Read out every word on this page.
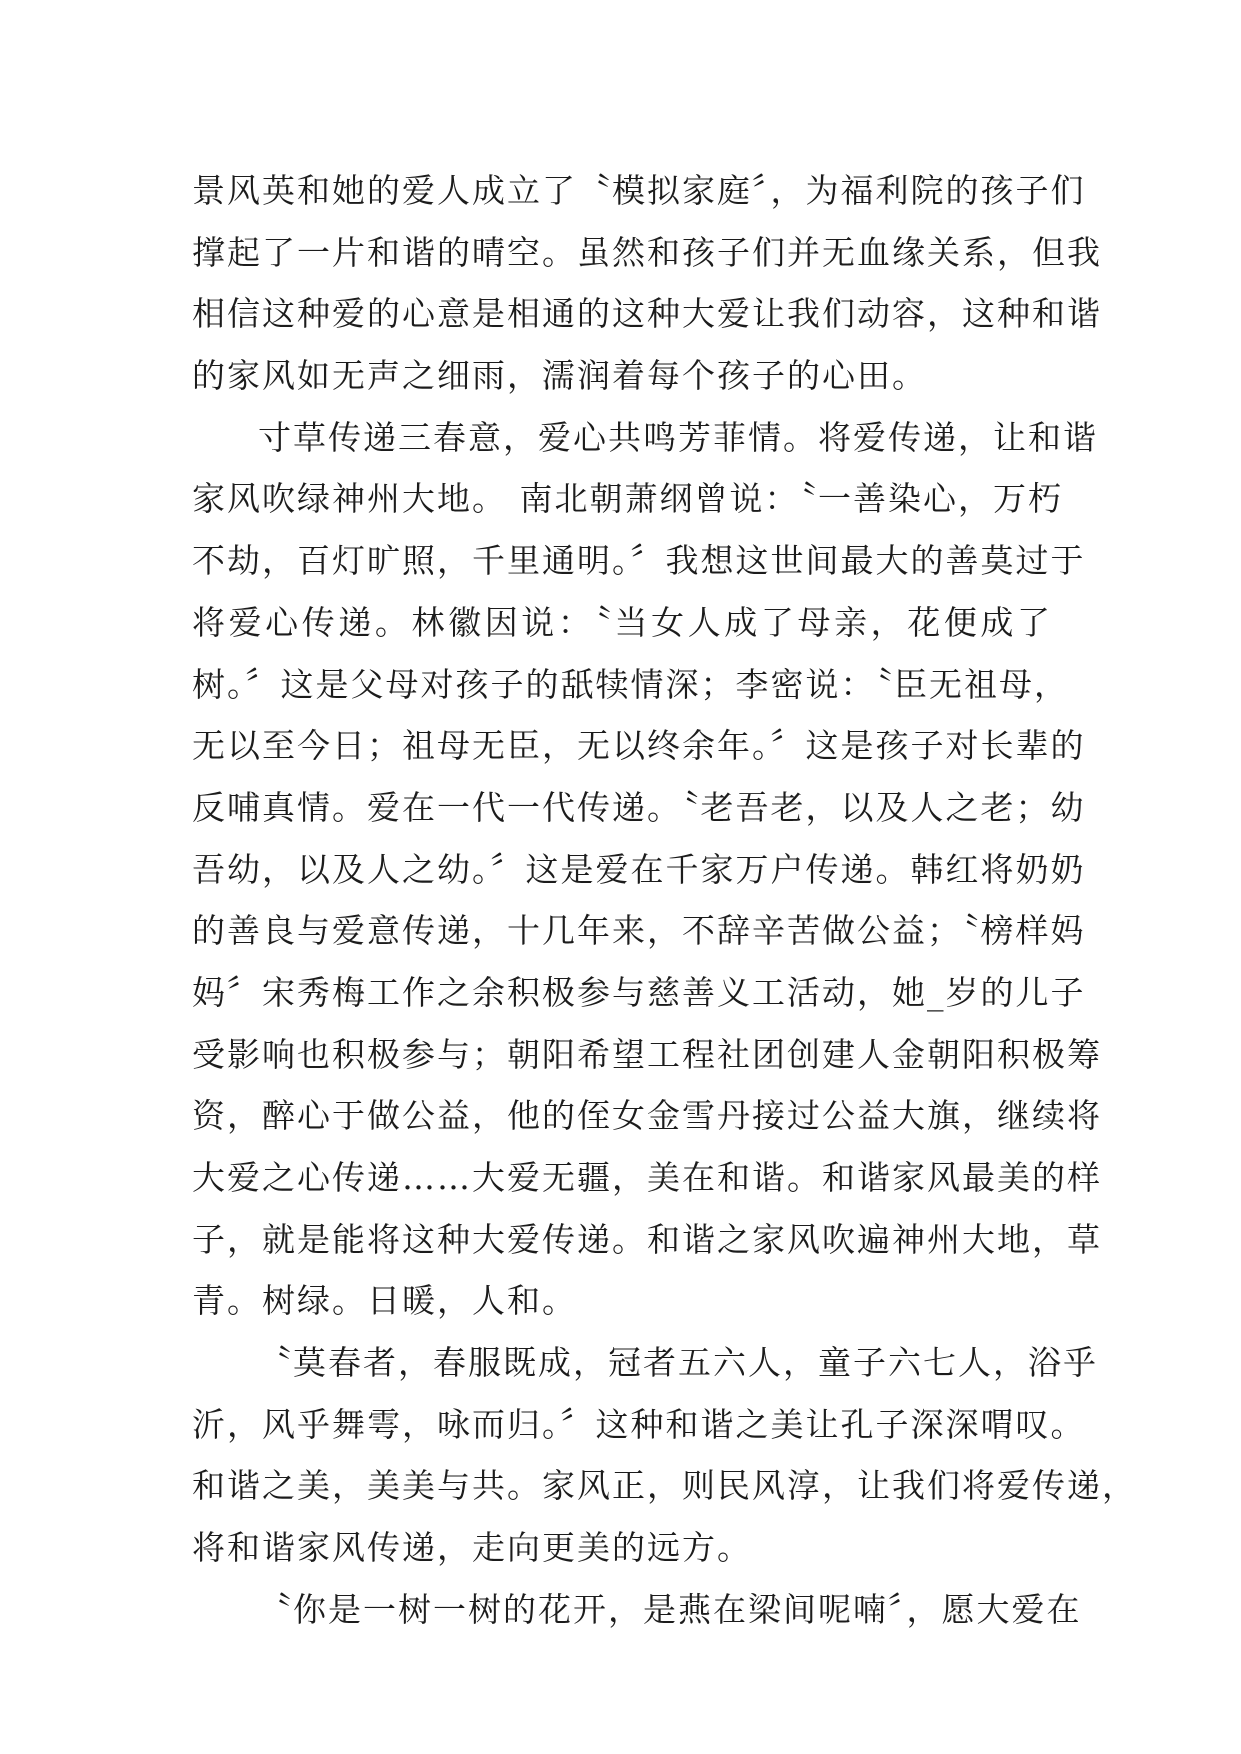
景风英和她的爱人成立了〝模拟家庭〞，为福利院的孩子们
撑起了一片和谐的晴空。虽然和孩子们并无血缘关系，但我
相信这种爱的心意是相通的这种大爱让我们动容，这种和谐
的家风如无声之细雨，濡润着每个孩子的心田。
寸草传递三春意，爱心共鸣芳菲情。将爱传递，让和谐
家风吹绿神州大地。 南北朝萧纲曾说：〝一善染心，万朽
不劫，百灯旷照，千里通明。〞我想这世间最大的善莫过于
将爱心传递。林徽因说：〝当女人成了母亲，花便成了
树。〞这是父母对孩子的舐犊情深；李密说：〝臣无祖母，
无以至今日；祖母无臣，无以终余年。〞这是孩子对长辈的
反哺真情。爱在一代一代传递。〝老吾老，以及人之老；幼
吾幼，以及人之幼。〞这是爱在千家万户传递。韩红将奶奶
的善良与爱意传递，十几年来，不辞辛苦做公益；〝榜样妈
妈〞宋秀梅工作之余积极参与慈善义工活动，她_岁的儿子
受影响也积极参与；朝阳希望工程社团创建人金朝阳积极筹
资，醉心于做公益，他的侄女金雪丹接过公益大旗，继续将
大爱之心传递……大爱无疆，美在和谐。和谐家风最美的样
子，就是能将这种大爱传递。和谐之家风吹遍神州大地，草
青。树绿。日暖，人和。
〝莫春者，春服既成，冠者五六人，童子六七人，浴乎
沂，风乎舞雩，咏而归。〞这种和谐之美让孔子深深喟叹。
和谐之美，美美与共。家风正，则民风淳，让我们将爱传递，
将和谐家风传递，走向更美的远方。
〝你是一树一树的花开，是燕在梁间呢喃〞，愿大爱在
